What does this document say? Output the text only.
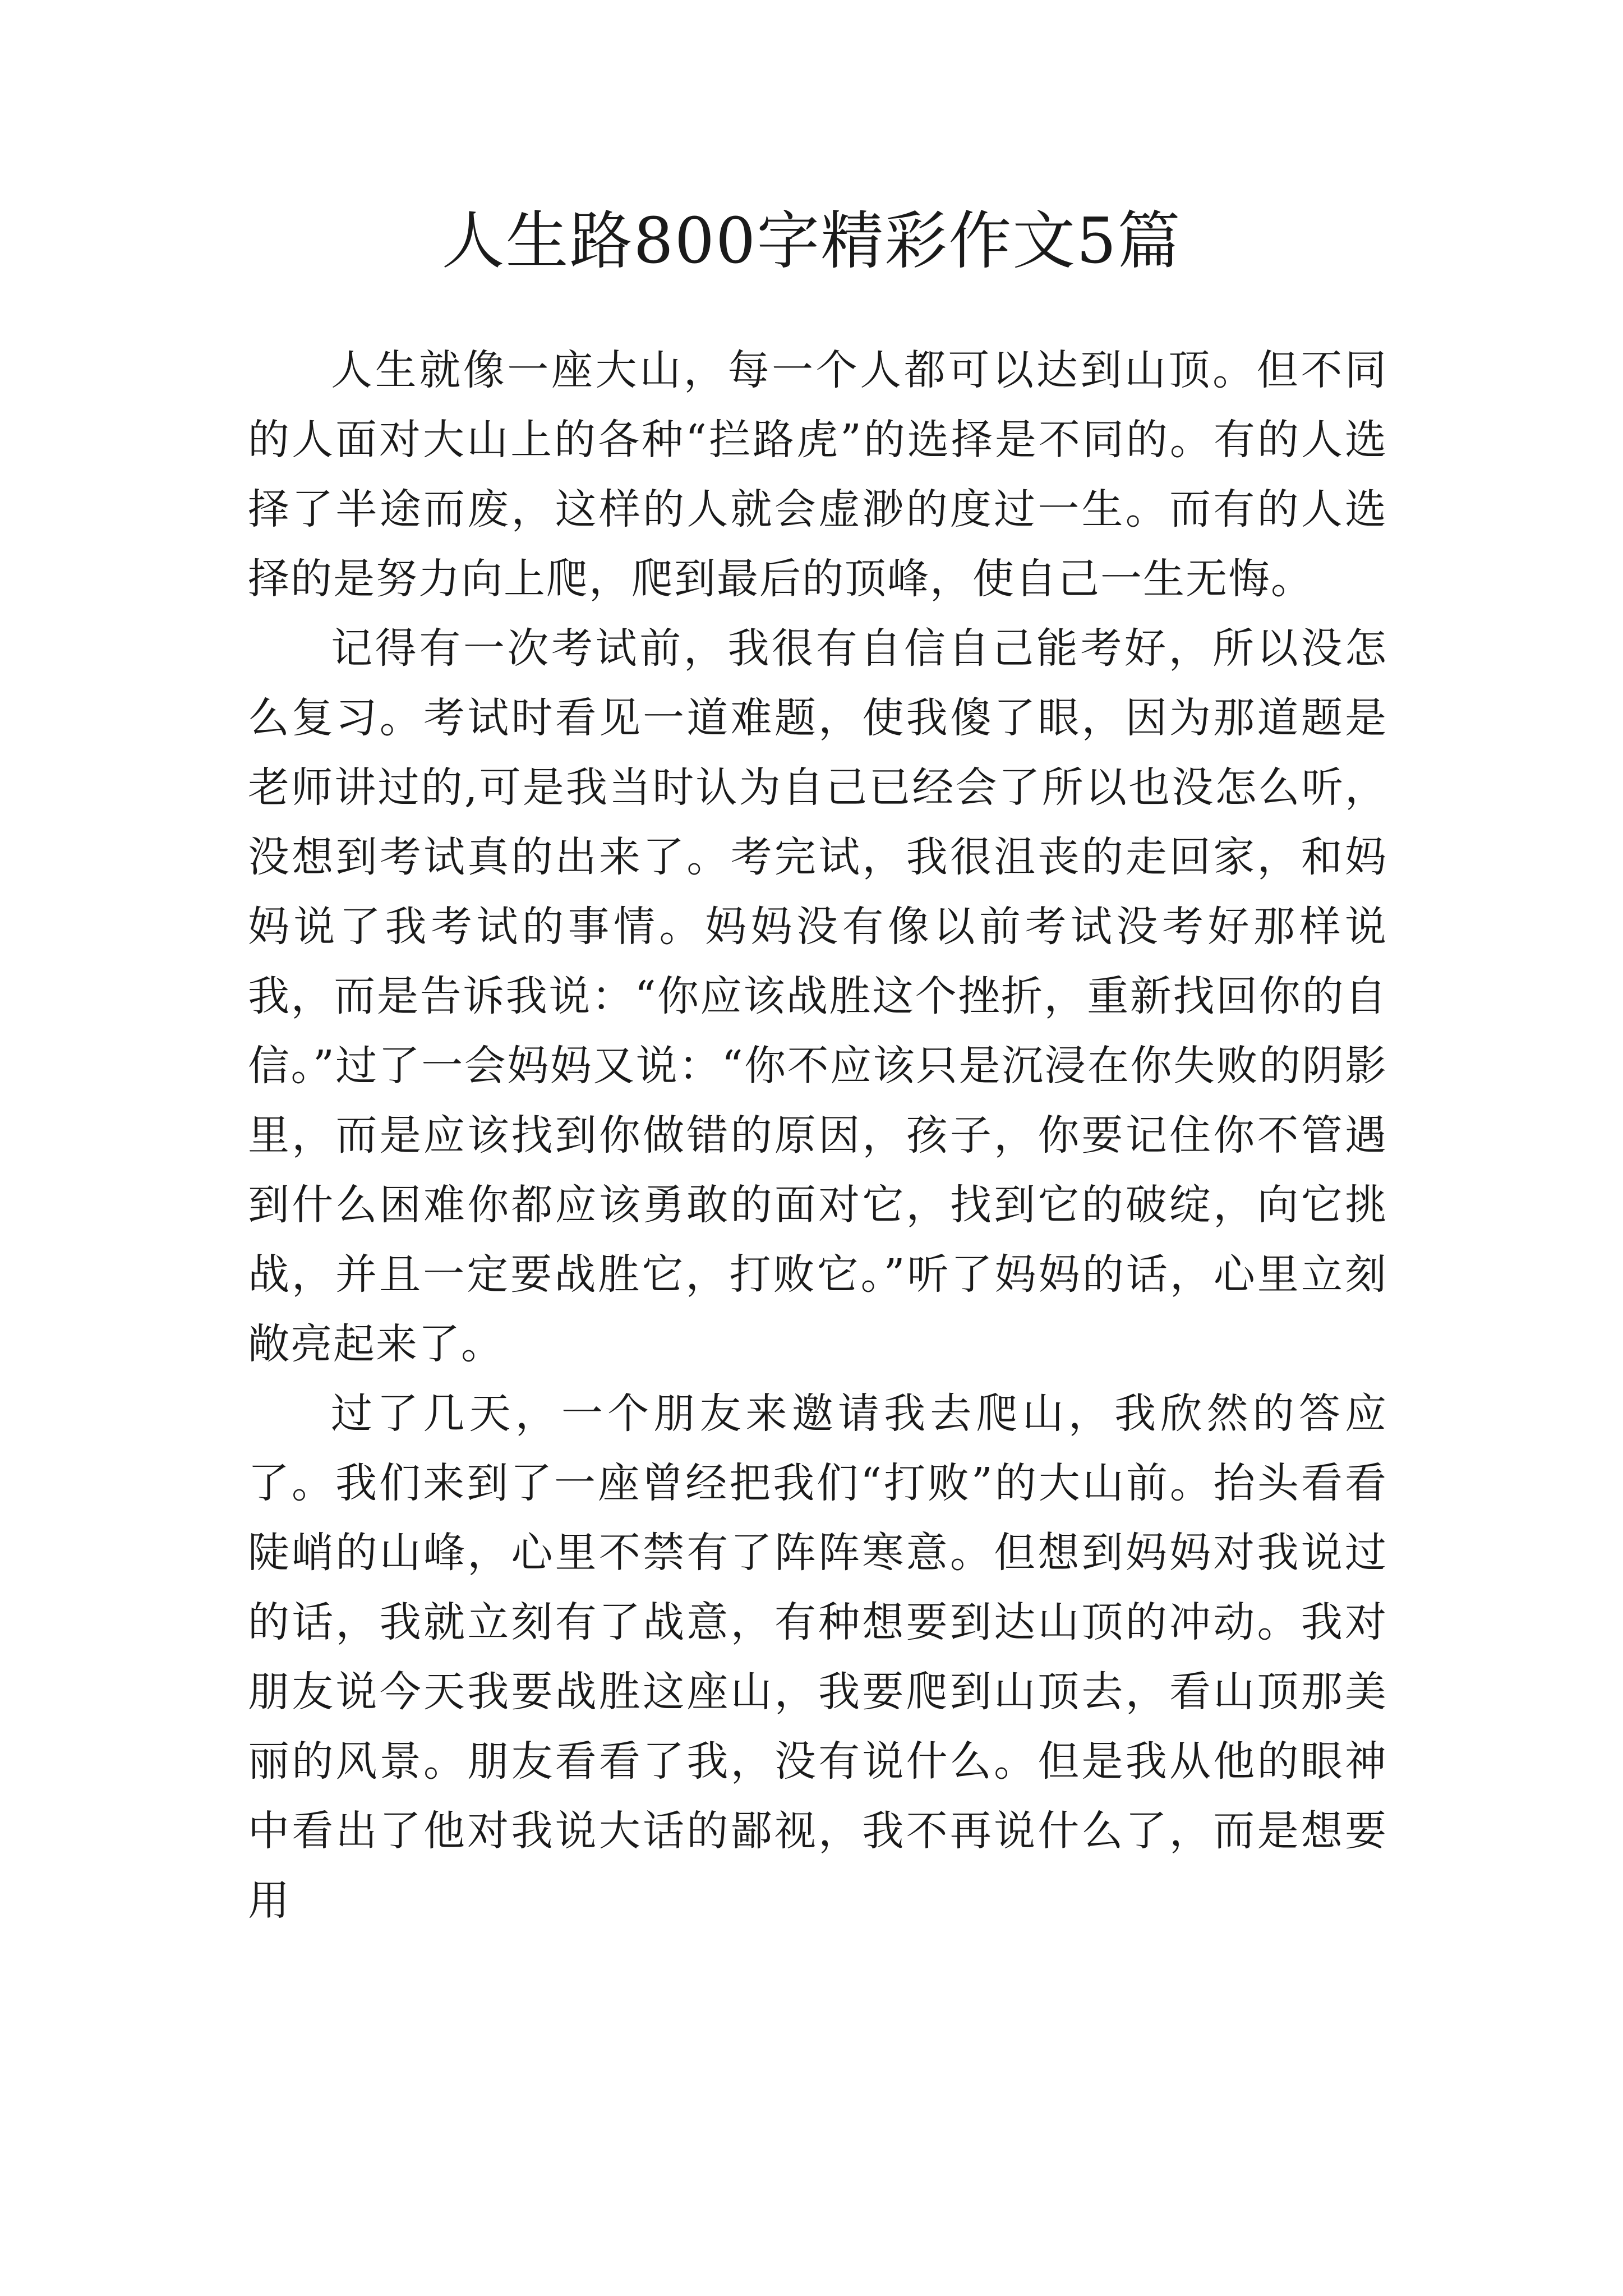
人生路800字精彩作文5篇

人生就像一座大山，每一个人都可以达到山顶。但不同的人面对大山上的各种“拦路虎”的选择是不同的。有的人选择了半途而废，这样的人就会虚渺的度过一生。而有的人选择的是努力向上爬，爬到最后的顶峰，使自己一生无悔。

记得有一次考试前，我很有自信自己能考好，所以没怎么复习。考试时看见一道难题，使我傻了眼，因为那道题是老师讲过的,可是我当时认为自己已经会了所以也没怎么听，没想到考试真的出来了。考完试，我很沮丧的走回家，和妈妈说了我考试的事情。妈妈没有像以前考试没考好那样说我，而是告诉我说：“你应该战胜这个挫折，重新找回你的自信。”过了一会妈妈又说：“你不应该只是沉浸在你失败的阴影里，而是应该找到你做错的原因，孩子，你要记住你不管遇到什么困难你都应该勇敢的面对它，找到它的破绽，向它挑战，并且一定要战胜它，打败它。”听了妈妈的话，心里立刻敞亮起来了。

过了几天，一个朋友来邀请我去爬山，我欣然的答应了。我们来到了一座曾经把我们“打败”的大山前。抬头看看陡峭的山峰，心里不禁有了阵阵寒意。但想到妈妈对我说过的话，我就立刻有了战意，有种想要到达山顶的冲动。我对朋友说今天我要战胜这座山，我要爬到山顶去，看山顶那美丽的风景。朋友看看了我，没有说什么。但是我从他的眼神中看出了他对我说大话的鄙视，我不再说什么了，而是想要用
